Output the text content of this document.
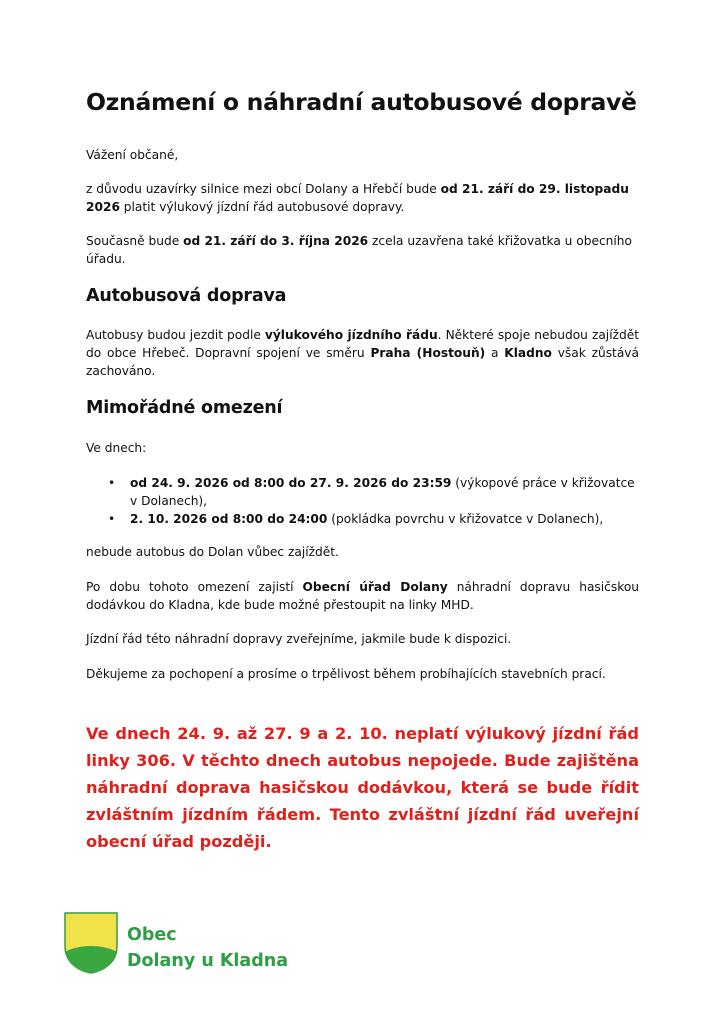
Oznámení o náhradní autobusové dopravě

Vážení občané,

z důvodu uzavírky silnice mezi obcí Dolany a Hřebčí bude od 21. září do 29. listopadu 2026 platit výlukový jízdní řád autobusové dopravy.

Současně bude od 21. září do 3. října 2026 zcela uzavřena také křižovatka u obecního úřadu.

Autobusová doprava

Autobusy budou jezdit podle výlukového jízdního řádu. Některé spoje nebudou zajíždět do obce Hřebeč. Dopravní spojení ve směru Praha (Hostouň) a Kladno však zůstává zachováno.

Mimořádné omezení

Ve dnech:

• od 24. 9. 2026 od 8:00 do 27. 9. 2026 do 23:59 (výkopové práce v křižovatce v Dolanech),
• 2. 10. 2026 od 8:00 do 24:00 (pokládka povrchu v křižovatce v Dolanech),

nebude autobus do Dolan vůbec zajíždět.

Po dobu tohoto omezení zajistí Obecní úřad Dolany náhradní dopravu hasičskou dodávkou do Kladna, kde bude možné přestoupit na linky MHD.

Jízdní řád této náhradní dopravy zveřejníme, jakmile bude k dispozici.

Děkujeme za pochopení a prosíme o trpělivost během probíhajících stavebních prací.

Ve dnech 24. 9. až 27. 9 a 2. 10. neplatí výlukový jízdní řád linky 306. V těchto dnech autobus nepojede. Bude zajištěna náhradní doprava hasičskou dodávkou, která se bude řídit zvláštním jízdním řádem. Tento zvláštní jízdní řád uveřejní obecní úřad později.

Obec
Dolany u Kladna
